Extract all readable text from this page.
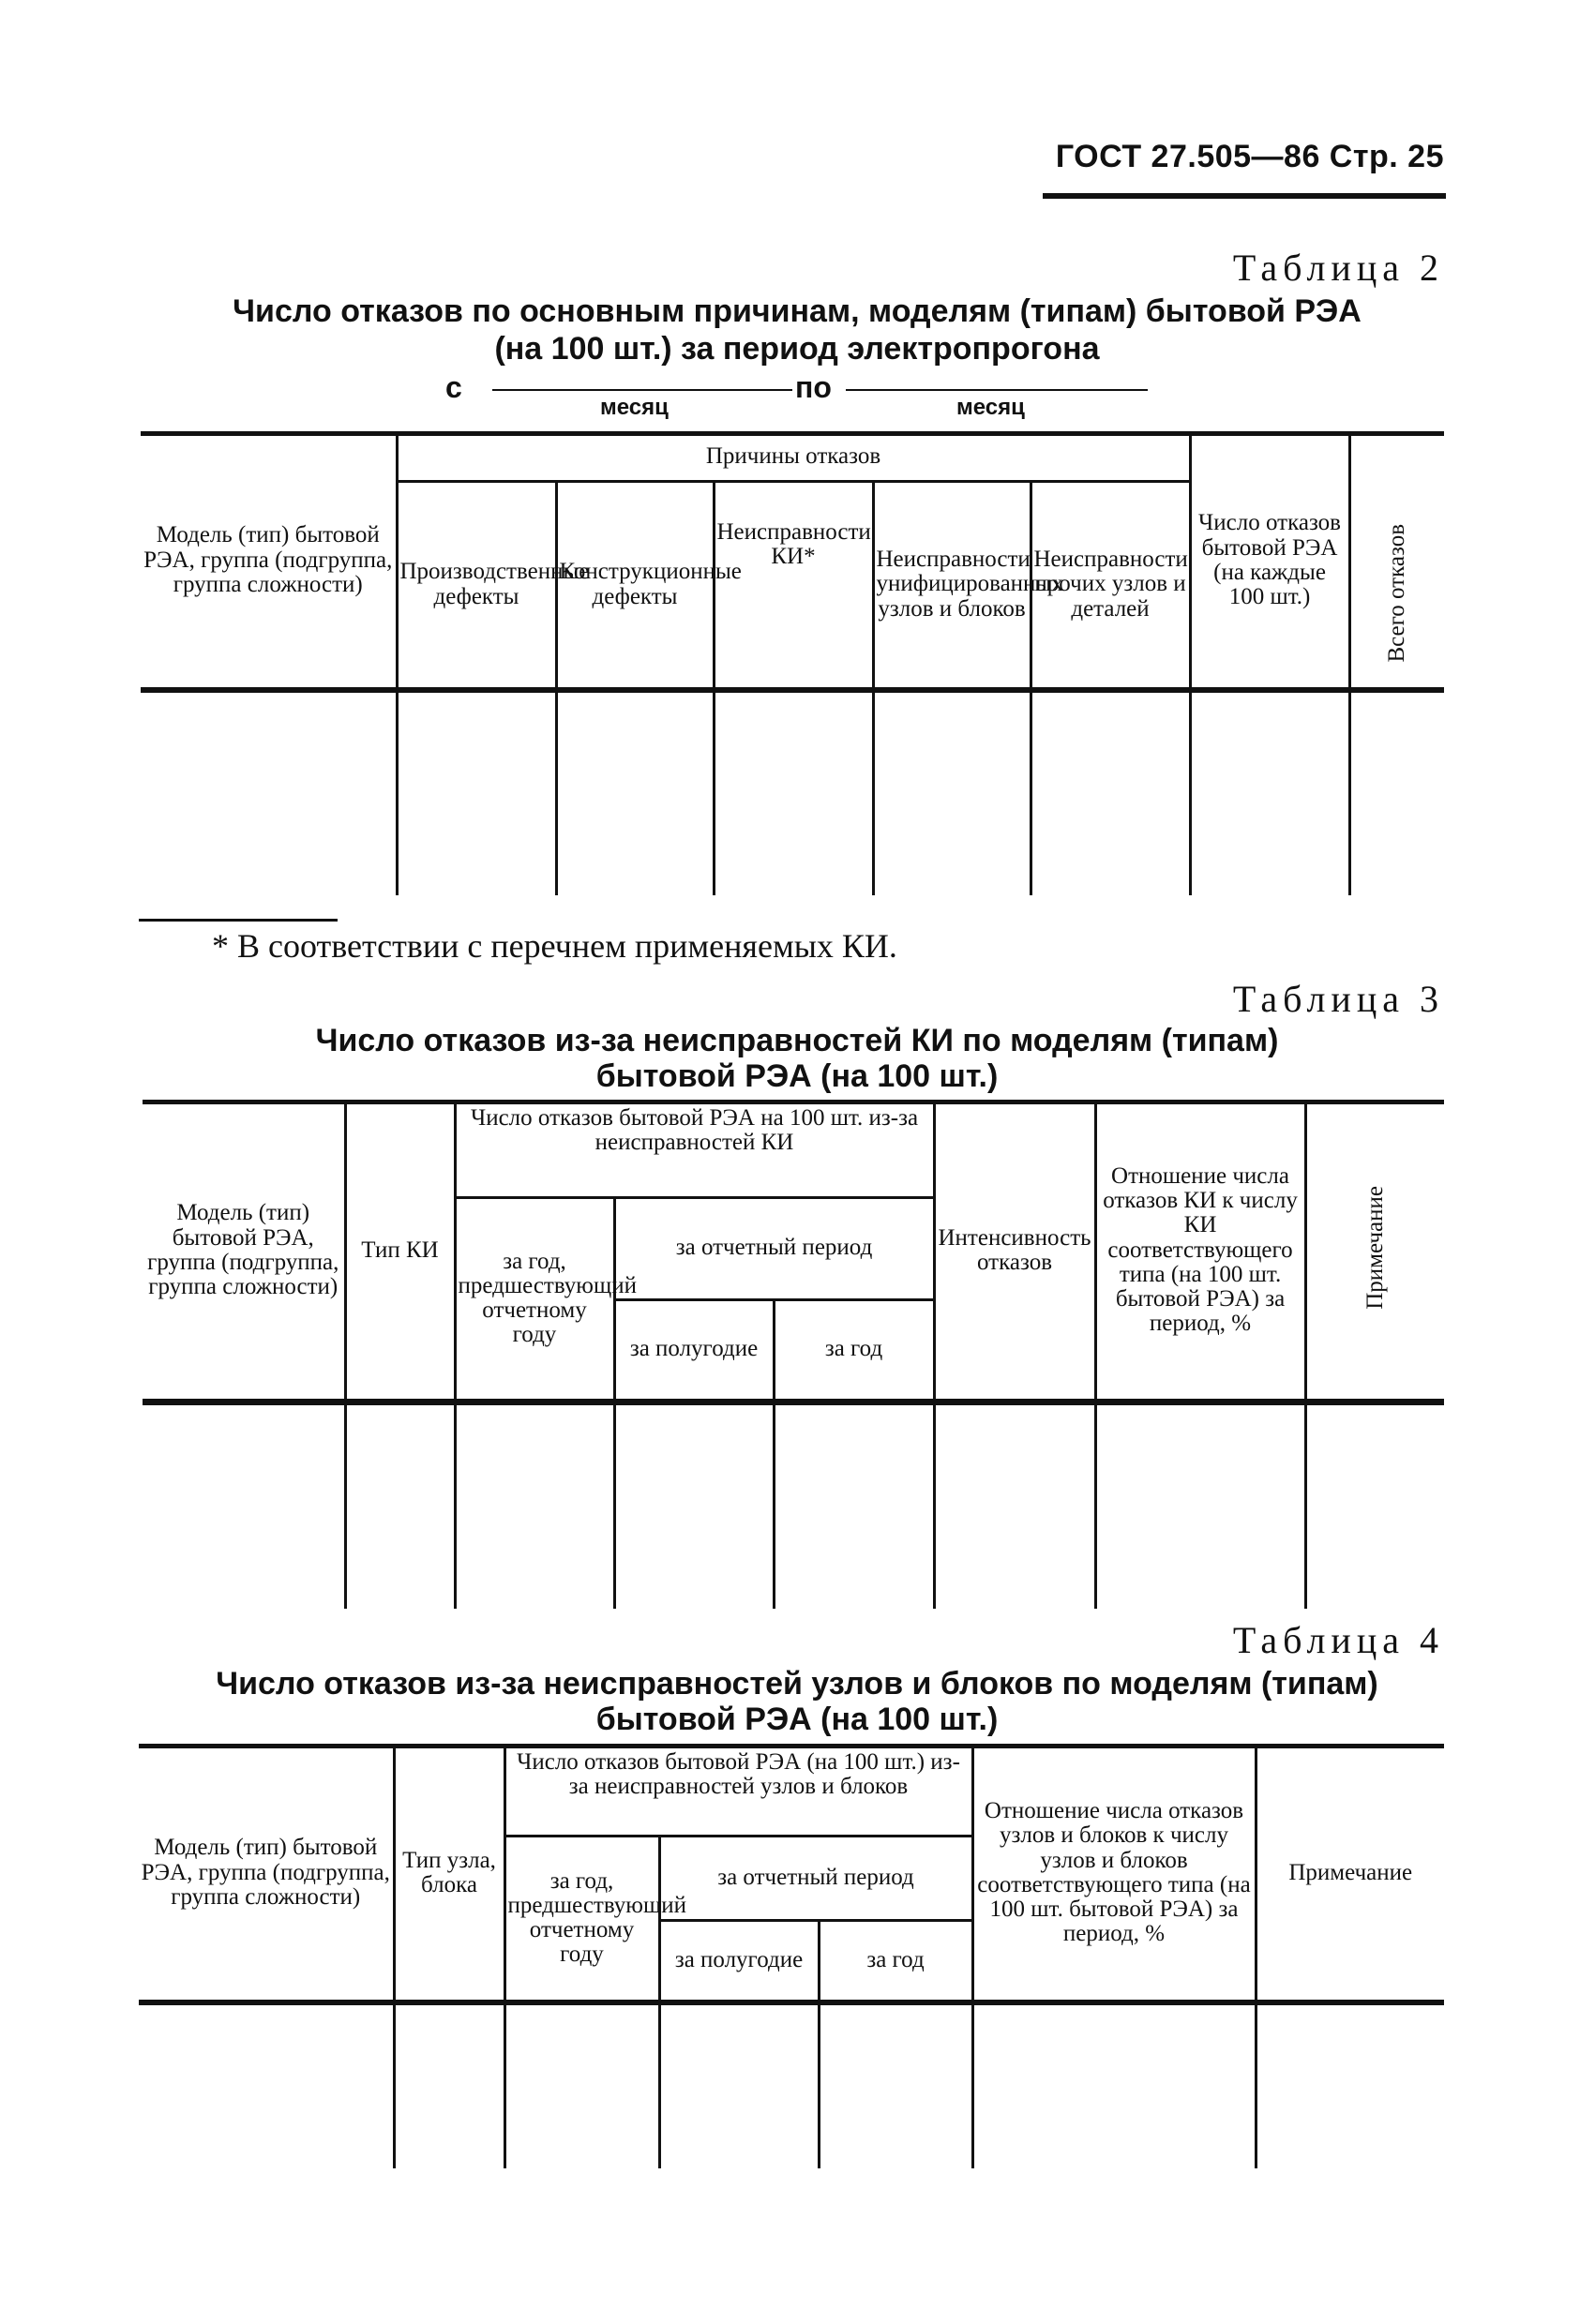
ГОСТ 27.505—86 Стр. 25
Таблица 2
Число отказов по основным причинам, моделям (типам) бытовой РЭА
(на 100 шт.) за период электропрогона
с
месяц
по
месяц
Модель (тип) бытовой РЭА, группа (подгруппа, группа сложности)	Причины отказов					Число отказов бытовой РЭА (на каждые 100 шт.)	Всего отказов
	Производственные дефекты	Конструкционные дефекты	Неисправности КИ*	Неисправности унифицированных узлов и блоков	Неисправности прочих узлов и деталей		

* В соответствии с перечнем применяемых КИ.
Таблица 3
Число отказов из-за неисправностей КИ по моделям (типам)
бытовой РЭА (на 100 шт.)
Модель (тип) бытовой РЭА, группа (подгруппа, группа сложности)	Тип КИ	Число отказов бытовой РЭА на 100 шт. из-за неисправностей КИ			Интенсивность отказов	Отношение числа отказов КИ к числу КИ соответствующего типа (на 100 шт. бытовой РЭА) за период, %	Примечание
		за год, предшествующий отчетному году	за отчетный период				
			за полугодие	за год			

Таблица 4
Число отказов из-за неисправностей узлов и блоков по моделям (типам)
бытовой РЭА (на 100 шт.)
Модель (тип) бытовой РЭА, группа (подгруппа, группа сложности)	Тип узла, блока	Число отказов бытовой РЭА (на 100 шт.) из-за неисправностей узлов и блоков			Отношение числа отказов узлов и блоков к числу узлов и блоков соответствующего типа (на 100 шт. бытовой РЭА) за период, %	Примечание
		за год, предшествующий отчетному году	за отчетный период			
			за полугодие	за год		
